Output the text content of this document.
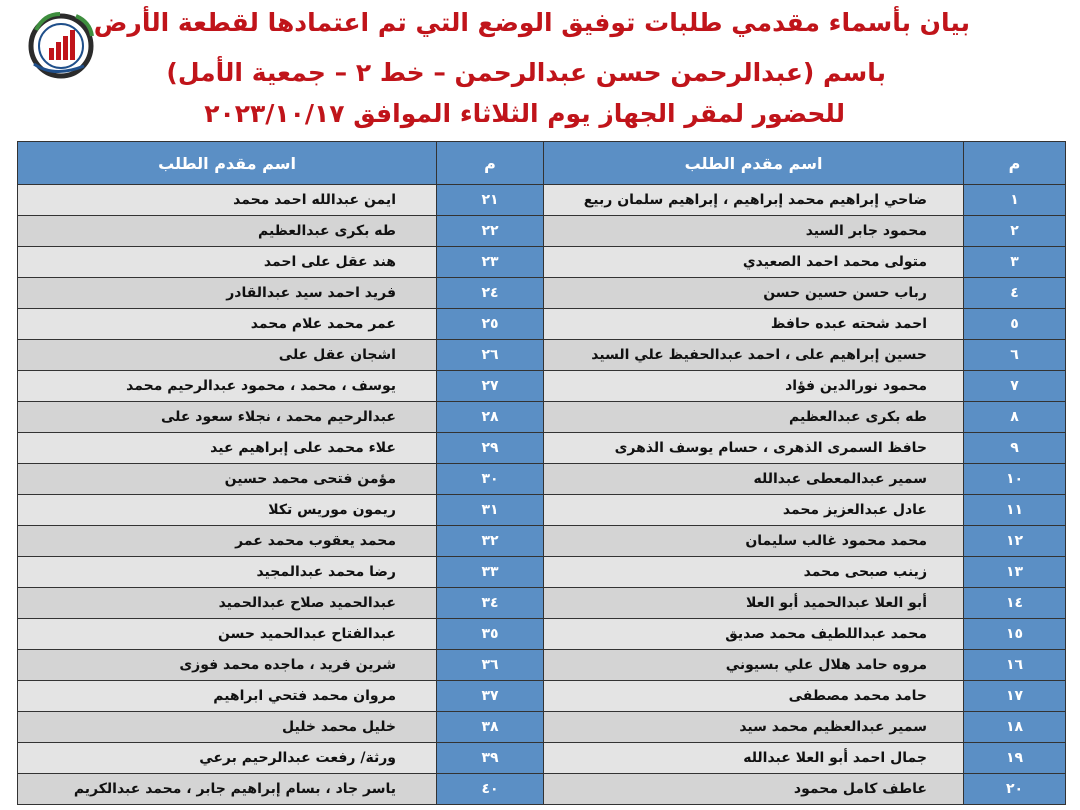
بيان بأسماء مقدمي طلبات توفيق الوضع التي تم اعتمادها لقطعة الأرض
باسم (عبدالرحمن حسن عبدالرحمن – خط ٢ – جمعية الأمل)
للحضور لمقر الجهاز يوم الثلاثاء الموافق ٢٠٢٣/١٠/١٧
م	اسم مقدم الطلب	م	اسم مقدم الطلب
١	ضاحي إبراهيم محمد إبراهيم ، إبراهيم سلمان ربيع	٢١	ايمن عبدالله احمد محمد
٢	محمود جابر السيد	٢٢	طه بكرى عبدالعظيم
٣	متولى محمد احمد الصعيدي	٢٣	هند عقل على احمد
٤	رباب حسن حسين حسن	٢٤	فريد احمد سيد عبدالقادر
٥	احمد شحته عبده حافظ	٢٥	عمر محمد علام محمد
٦	حسين إبراهيم على ، احمد عبدالحفيظ علي السيد	٢٦	اشجان عقل على
٧	محمود نورالدين فؤاد	٢٧	يوسف ، محمد ، محمود عبدالرحيم محمد
٨	طه بكرى عبدالعظيم	٢٨	عبدالرحيم محمد ، نجلاء سعود على
٩	حافظ السمرى الذهرى ، حسام يوسف الذهرى	٢٩	علاء محمد على إبراهيم عيد
١٠	سمير عبدالمعطى عبدالله	٣٠	مؤمن فتحى محمد حسين
١١	عادل عبدالعزيز محمد	٣١	ريمون موريس تكلا
١٢	محمد محمود غالب سليمان	٣٢	محمد يعقوب محمد عمر
١٣	زينب صبحى محمد	٣٣	رضا محمد عبدالمجيد
١٤	أبو العلا عبدالحميد أبو العلا	٣٤	عبدالحميد صلاح عبدالحميد
١٥	محمد عبداللطيف محمد صديق	٣٥	عبدالفتاح عبدالحميد حسن
١٦	مروه حامد هلال علي بسيوني	٣٦	شرين فريد ، ماجده محمد فوزى
١٧	حامد محمد مصطفى	٣٧	مروان محمد فتحي ابراهيم
١٨	سمير عبدالعظيم محمد سيد	٣٨	خليل محمد خليل
١٩	جمال احمد أبو العلا عبدالله	٣٩	ورثة/ رفعت عبدالرحيم برعي
٢٠	عاطف كامل محمود	٤٠	ياسر جاد ، بسام إبراهيم جابر ، محمد عبدالكريم
